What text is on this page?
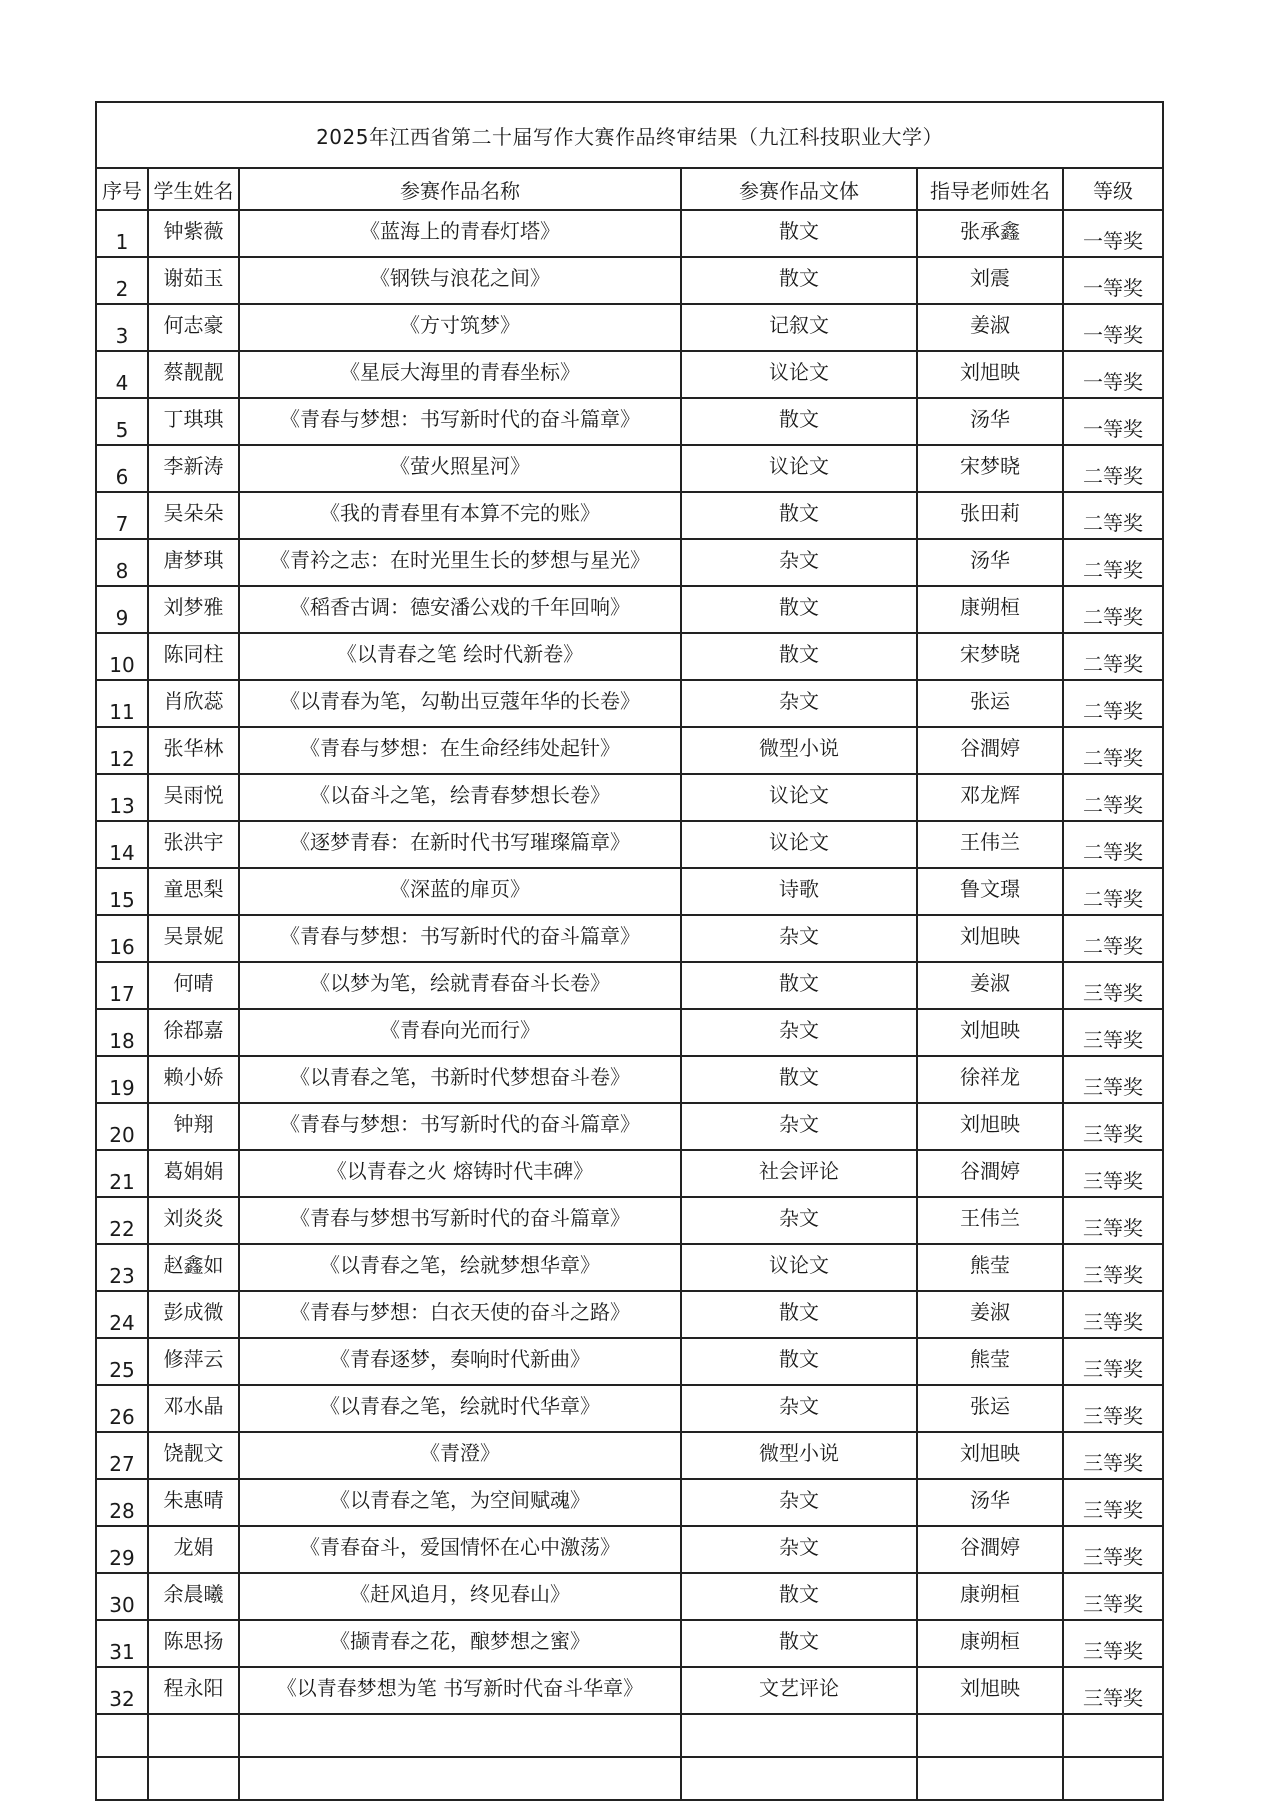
2025年江西省第二十届写作大赛作品终审结果（九江科技职业大学）					
序号	学生姓名	参赛作品名称	参赛作品文体	指导老师姓名	等级
1	钟紫薇	《蓝海上的青春灯塔》	散文	张承鑫	一等奖
2	谢茹玉	《钢铁与浪花之间》	散文	刘震	一等奖
3	何志豪	《方寸筑梦》	记叙文	姜淑	一等奖
4	蔡靓靓	《星辰大海里的青春坐标》	议论文	刘旭映	一等奖
5	丁琪琪	《青春与梦想：书写新时代的奋斗篇章》	散文	汤华	一等奖
6	李新涛	《萤火照星河》	议论文	宋梦晓	二等奖
7	吴朵朵	《我的青春里有本算不完的账》	散文	张田莉	二等奖
8	唐梦琪	《青衿之志：在时光里生长的梦想与星光》	杂文	汤华	二等奖
9	刘梦雅	《稻香古调：德安潘公戏的千年回响》	散文	康朔桓	二等奖
10	陈同柱	《以青春之笔 绘时代新卷》	散文	宋梦晓	二等奖
11	肖欣蕊	《以青春为笔，勾勒出豆蔻年华的长卷》	杂文	张运	二等奖
12	张华林	《青春与梦想：在生命经纬处起针》	微型小说	谷澗婷	二等奖
13	吴雨悦	《以奋斗之笔，绘青春梦想长卷》	议论文	邓龙辉	二等奖
14	张洪宇	《逐梦青春：在新时代书写璀璨篇章》	议论文	王伟兰	二等奖
15	童思梨	《深蓝的扉页》	诗歌	鲁文璟	二等奖
16	吴景妮	《青春与梦想：书写新时代的奋斗篇章》	杂文	刘旭映	二等奖
17	何晴	《以梦为笔，绘就青春奋斗长卷》	散文	姜淑	三等奖
18	徐鄀嘉	《青春向光而行》	杂文	刘旭映	三等奖
19	赖小娇	《以青春之笔，书新时代梦想奋斗卷》	散文	徐祥龙	三等奖
20	钟翔	《青春与梦想：书写新时代的奋斗篇章》	杂文	刘旭映	三等奖
21	葛娟娟	《以青春之火 熔铸时代丰碑》	社会评论	谷澗婷	三等奖
22	刘炎炎	《青春与梦想书写新时代的奋斗篇章》	杂文	王伟兰	三等奖
23	赵鑫如	《以青春之笔，绘就梦想华章》	议论文	熊莹	三等奖
24	彭成微	《青春与梦想：白衣天使的奋斗之路》	散文	姜淑	三等奖
25	修萍云	《青春逐梦，奏响时代新曲》	散文	熊莹	三等奖
26	邓水晶	《以青春之笔，绘就时代华章》	杂文	张运	三等奖
27	饶靓文	《青澄》	微型小说	刘旭映	三等奖
28	朱惠晴	《以青春之笔，为空间赋魂》	杂文	汤华	三等奖
29	龙娟	《青春奋斗，爱国情怀在心中激荡》	杂文	谷澗婷	三等奖
30	余晨曦	《赶风追月，终见春山》	散文	康朔桓	三等奖
31	陈思扬	《撷青春之花，酿梦想之蜜》	散文	康朔桓	三等奖
32	程永阳	《以青春梦想为笔 书写新时代奋斗华章》	文艺评论	刘旭映	三等奖
